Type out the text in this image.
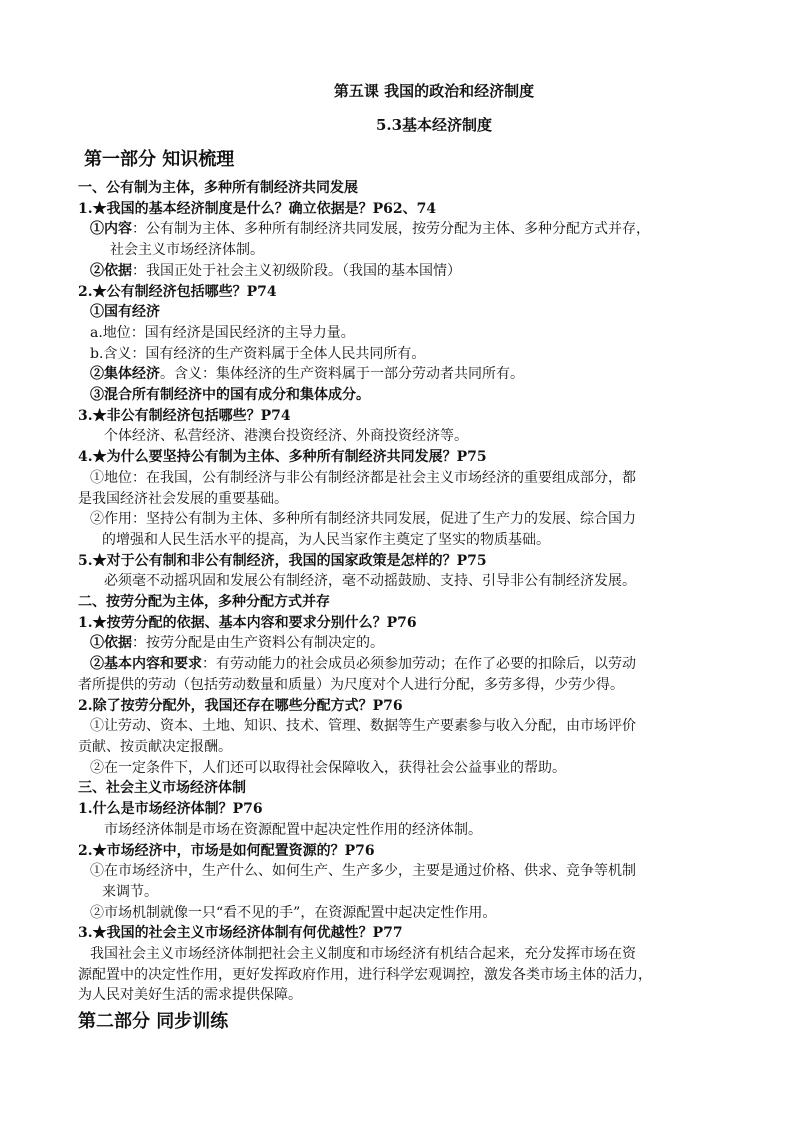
第五课 我国的政治和经济制度
5.3基本经济制度

第一部分 知识梳理

一、公有制为主体，多种所有制经济共同发展

1.★我国的基本经济制度是什么？确立依据是？P62、74

①内容：公有制为主体、多种所有制经济共同发展，按劳分配为主体、多种分配方式并存，
社会主义市场经济体制。

②依据：我国正处于社会主义初级阶段。（我国的基本国情）

2.★公有制经济包括哪些？P74

①国有经济

a.地位：国有经济是国民经济的主导力量。

b.含义：国有经济的生产资料属于全体人民共同所有。

②集体经济。含义：集体经济的生产资料属于一部分劳动者共同所有。

③混合所有制经济中的国有成分和集体成分。

3.★非公有制经济包括哪些？P74

个体经济、私营经济、港澳台投资经济、外商投资经济等。

4.★为什么要坚持公有制为主体、多种所有制经济共同发展？P75

①地位：在我国，公有制经济与非公有制经济都是社会主义市场经济的重要组成部分，都

是我国经济社会发展的重要基础。

②作用：坚持公有制为主体、多种所有制经济共同发展，促进了生产力的发展、综合国力

的增强和人民生活水平的提高，为人民当家作主奠定了坚实的物质基础。

5.★对于公有制和非公有制经济，我国的国家政策是怎样的？P75

必须毫不动摇巩固和发展公有制经济，毫不动摇鼓励、支持、引导非公有制经济发展。

二、按劳分配为主体，多种分配方式并存

1.★按劳分配的依据、基本内容和要求分别什么？P76

①依据：按劳分配是由生产资料公有制决定的。

②基本内容和要求：有劳动能力的社会成员必须参加劳动；在作了必要的扣除后，以劳动

者所提供的劳动（包括劳动数量和质量）为尺度对个人进行分配，多劳多得，少劳少得。

2.除了按劳分配外，我国还存在哪些分配方式？P76

①让劳动、资本、土地、知识、技术、管理、数据等生产要素参与收入分配，由市场评价

贡献、按贡献决定报酬。

②在一定条件下，人们还可以取得社会保障收入，获得社会公益事业的帮助。

三、社会主义市场经济体制

1.什么是市场经济体制？P76

市场经济体制是市场在资源配置中起决定性作用的经济体制。

2.★市场经济中，市场是如何配置资源的？P76

①在市场经济中，生产什么、如何生产、生产多少，主要是通过价格、供求、竞争等机制

来调节。

②市场机制就像一只“看不见的手”，在资源配置中起决定性作用。

3.★我国的社会主义市场经济体制有何优越性？P77

我国社会主义市场经济体制把社会主义制度和市场经济有机结合起来，充分发挥市场在资

源配置中的决定性作用，更好发挥政府作用，进行科学宏观调控，激发各类市场主体的活力，

为人民对美好生活的需求提供保障。

第二部分 同步训练
